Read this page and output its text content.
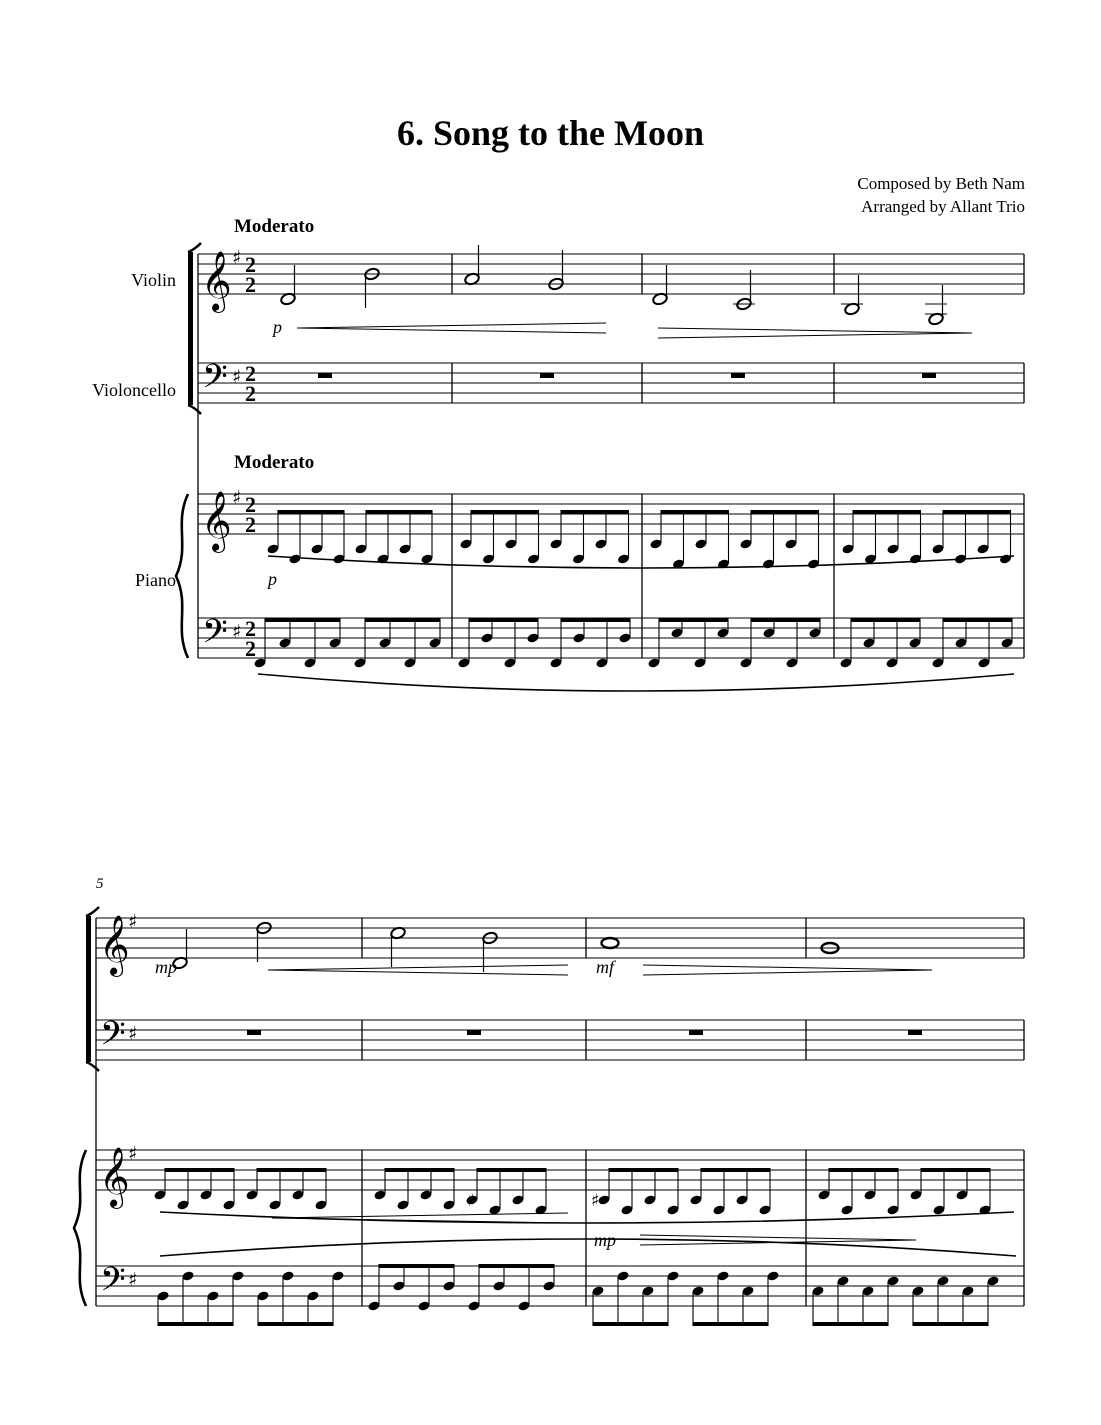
6. Song to the Moon
Composed by Beth Nam
Arranged by Allant Trio
𝄞 ♯ 2
2
𝄢 ♯ 2
2
𝄞 ♯ 2
2
𝄢 ♯ 2
2
𝄞
♯
𝄢 ♯
𝄞
♯
𝄢 ♯
♯	♯
Moderato
Moderato
Violin
Violoncello
Piano
5
p
p
mp	mf
mp
